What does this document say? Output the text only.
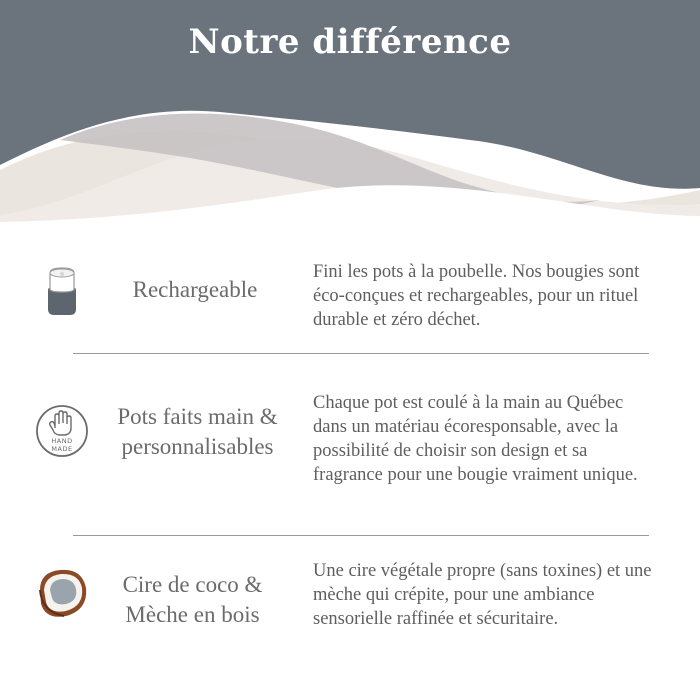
Notre différence
Rechargeable
Fini les pots à la poubelle. Nos bougies sont éco-conçues et rechargeables, pour un rituel durable et zéro déchet.
HAND
MADE
Pots faits main & personnalisables
Chaque pot est coulé à la main au Québec dans un matériau écoresponsable, avec la possibilité de choisir son design et sa fragrance pour une bougie vraiment unique.
Cire de coco & Mèche en bois
Une cire végétale propre (sans toxines) et une mèche qui crépite, pour une ambiance sensorielle raffinée et sécuritaire.
